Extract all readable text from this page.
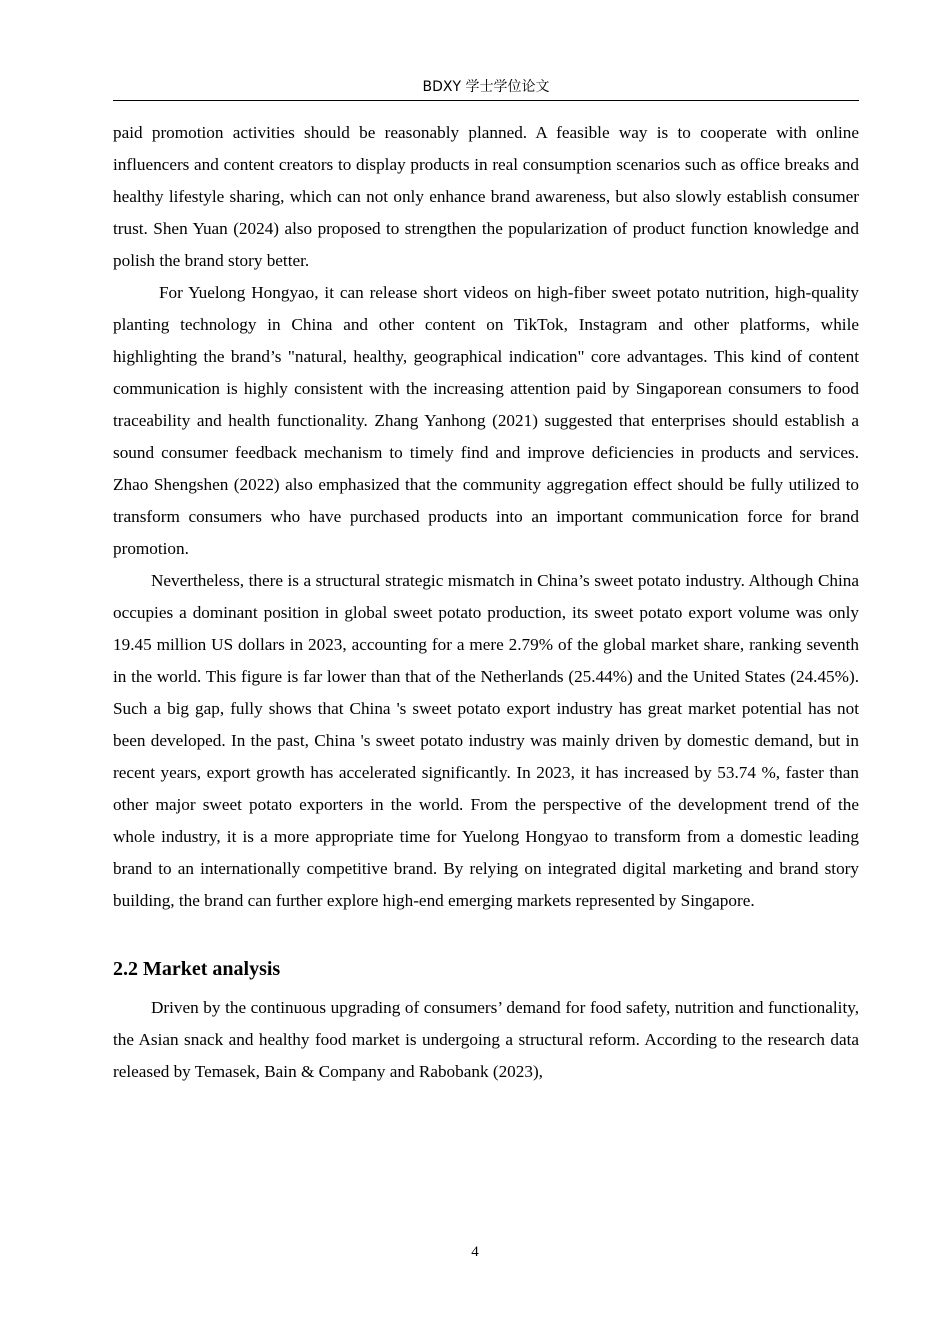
BDXY 学士学位论文

paid promotion activities should be reasonably planned. A feasible way is to cooperate with online influencers and content creators to display products in real consumption scenarios such as office breaks and healthy lifestyle sharing, which can not only enhance brand awareness, but also slowly establish consumer trust. Shen Yuan (2024) also proposed to strengthen the popularization of product function knowledge and polish the brand story better.

For Yuelong Hongyao, it can release short videos on high-fiber sweet potato nutrition, high-quality planting technology in China and other content on TikTok, Instagram and other platforms, while highlighting the brand’s "natural, healthy, geographical indication" core advantages. This kind of content communication is highly consistent with the increasing attention paid by Singaporean consumers to food traceability and health functionality. Zhang Yanhong (2021) suggested that enterprises should establish a sound consumer feedback mechanism to timely find and improve deficiencies in products and services. Zhao Shengshen (2022) also emphasized that the community aggregation effect should be fully utilized to transform consumers who have purchased products into an important communication force for brand promotion.

Nevertheless, there is a structural strategic mismatch in China’s sweet potato industry. Although China occupies a dominant position in global sweet potato production, its sweet potato export volume was only 19.45 million US dollars in 2023, accounting for a mere 2.79% of the global market share, ranking seventh in the world. This figure is far lower than that of the Netherlands (25.44%) and the United States (24.45%). Such a big gap, fully shows that China 's sweet potato export industry has great market potential has not been developed. In the past, China 's sweet potato industry was mainly driven by domestic demand, but in recent years, export growth has accelerated significantly. In 2023, it has increased by 53.74 %, faster than other major sweet potato exporters in the world. From the perspective of the development trend of the whole industry, it is a more appropriate time for Yuelong Hongyao to transform from a domestic leading brand to an internationally competitive brand. By relying on integrated digital marketing and brand story building, the brand can further explore high-end emerging markets represented by Singapore.

2.2 Market analysis

Driven by the continuous upgrading of consumers’ demand for food safety, nutrition and functionality, the Asian snack and healthy food market is undergoing a structural reform. According to the research data released by Temasek, Bain & Company and Rabobank (2023),

4
